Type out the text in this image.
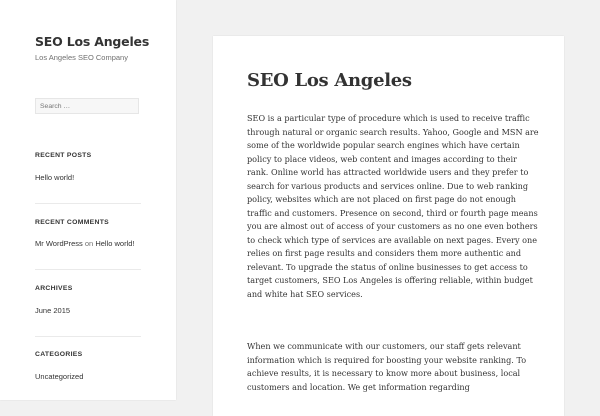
SEO Los Angeles
Los Angeles SEO Company
Search …
RECENT POSTS
Hello world!
RECENT COMMENTS
Mr WordPress on Hello world!
ARCHIVES
June 2015
CATEGORIES
Uncategorized
SEO Los Angeles

SEO is a particular type of procedure which is used to receive traffic through natural or organic search results. Yahoo, Google and MSN are some of the worldwide popular search engines which have certain policy to place videos, web content and images according to their rank. Online world has attracted worldwide users and they prefer to search for various products and services online. Due to web ranking policy, websites which are not placed on first page do not enough traffic and customers. Presence on second, third or fourth page means you are almost out of access of your customers as no one even bothers to check which type of services are available on next pages. Every one relies on first page results and considers them more authentic and relevant. To upgrade the status of online businesses to get access to target customers, SEO Los Angeles is offering reliable, within budget and white hat SEO services.

When we communicate with our customers, our staff gets relevant information which is required for boosting your website ranking. To achieve results, it is necessary to know more about business, local customers and location. We get information regarding
